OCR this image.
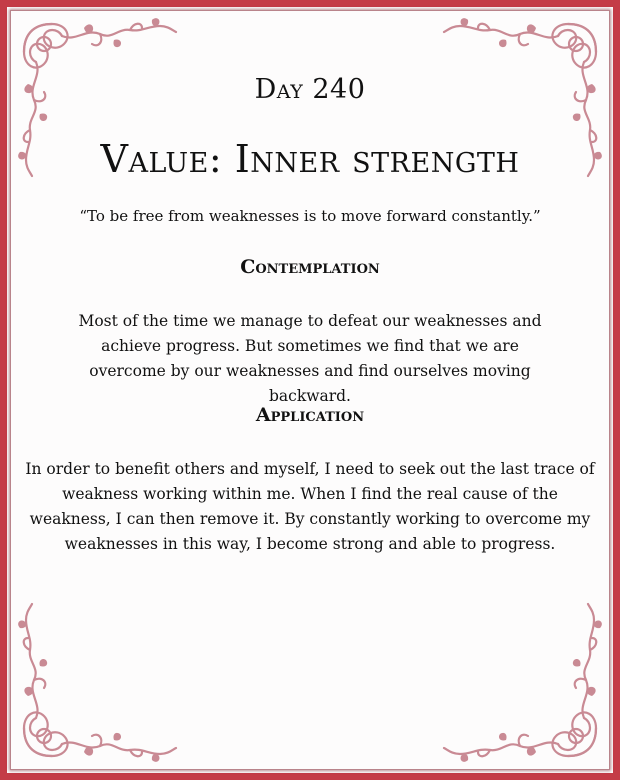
Day 240
Value: Inner strength

“To be free from weaknesses is to move forward constantly.”

Contemplation

Most of the time we manage to defeat our weaknesses and achieve progress. But sometimes we find that we are overcome by our weaknesses and find ourselves moving backward.

Application

In order to benefit others and myself, I need to seek out the last trace of weakness working within me. When I find the real cause of the weakness, I can then remove it. By constantly working to overcome my weaknesses in this way, I become strong and able to progress.
